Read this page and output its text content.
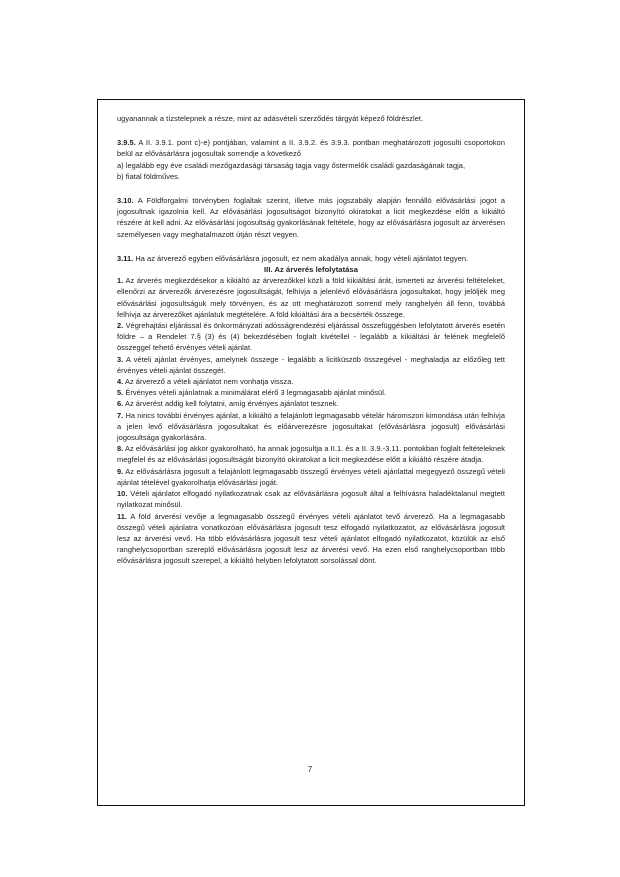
ugyanannak a tízstelepnek a része, mint az adásvételi szerződés tárgyát képező földrészlet.

3.9.5. A II. 3.9.1. pont c)-e) pontjában, valamint a II. 3.9.2. és 3.9.3. pontban meghatározott jogosulti csoportokon belül az elővásárlásra jogosultak sorrendje a következő

a) legalább egy éve családi mezőgazdasági társaság tagja vagy őstermelők családi gazdaságának tagja,

b) fiatal földműves.

3.10. A Földforgalmi törvényben foglaltak szerint, illetve más jogszabály alapján fennálló elővásárlási jogot a jogosultnak igazolnia kell. Az elővásárlási jogosultságot bizonyító okiratokat a licit megkezdése előtt a kikiáltó részére át kell adni. Az elővásárlási jogosultság gyakorlásának feltétele, hogy az elővásárlásra jogosult az árverésen személyesen vagy meghatalmazott útján részt vegyen.

3.11. Ha az árverező egyben elővásárlásra jogosult, ez nem akadálya annak, hogy vételi ajánlatot tegyen.

III. Az árverés lefolytatása

1. Az árverés megkezdésekor a kikiáltó az árverezőkkel közli a föld kikiáltási árát, ismerteti az árverési feltételeket, ellenőrzi az árverezők árverezésre jogosultságát, felhívja a jelenlévő elővásárlásra jogosultakat, hogy jelöljék meg elővásárlási jogosultságuk mely törvényen, és az ott meghatározott sorrend mely ranghelyén áll fenn, továbbá felhívja az árverezőket ajánlatuk megtételére. A föld kikiáltási ára a becsérték összege.

2. Végrehajtási eljárással és önkormányzati adósságrendezési eljárással összefüggésben lefolytatott árverés esetén földre – a Rendelet 7.§ (3) és (4) bekezdésében foglalt kivétellel - legalább a kikiáltási ár felének megfelelő összeggel tehető érvényes vételi ajánlat.

3. A vételi ajánlat érvényes, amelynek összege - legalább a licitküszöb összegével - meghaladja az előzőleg tett érvényes vételi ajánlat összegét.

4. Az árverező a vételi ajánlatot nem vonhatja vissza.

5. Érvényes vételi ajánlatnak a minimálárat elérő 3 legmagasabb ajánlat minősül.

6. Az árverést addig kell folytatni, amíg érvényes ajánlatot tesznek.

7. Ha nincs további érvényes ajánlat, a kikiáltó a felajánlott legmagasabb vételár háromszori kimondása után felhívja a jelen levő elővásárlásra jogosultakat és előárverezésre jogosultakat (elővásárlásra jogosult) elővásárlási jogosultsága gyakorlására.

8. Az elővásárlási jog akkor gyakorolható, ha annak jogosultja a II.1. és a II. 3.9.-3.11. pontokban foglalt feltételeknek megfelel és az elővásárlási jogosultságát bizonyító okiratokat a licit megkezdése előtt a kikiáltó részére átadja.

9. Az elővásárlásra jogosult a felajánlott legmagasabb összegű érvényes vételi ajánlattal megegyező összegű vételi ajánlat tételével gyakorolhatja elővásárlási jogát.

10. Vételi ajánlatot elfogadó nyilatkozatnak csak az elővásárlásra jogosult által a felhívásra haladéktalanul megtett nyilatkozat minősül.

11. A föld árverési vevője a legmagasabb összegű érvényes vételi ajánlatot tevő árverező. Ha a legmagasabb összegű vételi ajánlatra vonatkozóan elővásárlásra jogosult tesz elfogadó nyilatkozatot, az elővásárlásra jogosult lesz az árverési vevő. Ha több elővásárlásra jogosult tesz vételi ajánlatot elfogadó nyilatkozatot, közülük az első ranghelycsoportban szereplő elővásárlásra jogosult lesz az árverési vevő. Ha ezen első ranghelycsoportban több elővásárlásra jogosult szerepel, a kikiáltó helyben lefolytatott sorsolással dönt.

7
